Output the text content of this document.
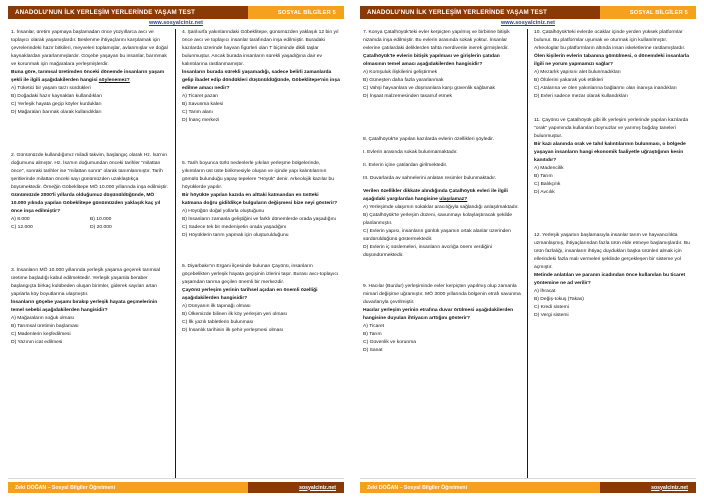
ANADOLU'NUN İLK YERLEŞİM YERLERİNDE YAŞAM TEST	SOSYAL BİLGİLER 5
www.sosyalciniz.net

1. İnsanlar, üretim yapmaya başlamadan önce yüzyıllarca avcı ve toplayıcı olarak yaşamışlardır. Beslenme ihtiyaçlarını karşılamak için çevrelerindeki hazır bitkileri, meyveleri toplamışlar, avlanmışlar ve doğal kaynaklardan yararlanmışlardır. Göçebe yaşayan bu insanlar, barınmak ve korunmak için mağaralara yerleşmişlerdir.

Buna göre, tarımsal üretimden önceki dönemde insanların yaşam şekli ile ilgili aşağıdakilerden hangisi söylenemez?

A) Tüketici bir yaşam tarzı sürdükleri
B) Doğadaki hazır kaynakları kullandıkları
C) Yerleşik hayata geçip köyler kurdukları
D) Mağaraları barınak olarak kullandıkları

2. Günümüzde kullandığımız miladi takvim, başlangıç olarak Hz. İsa'nın doğumunu almıştır. Hz. İsa'nın doğumundan önceki tarihler "milattan önce", sonraki tarihler ise "milattan sonra" olarak tanımlanmıştır. Tarih şeritlerinde milattan önceki sayı günümüzden uzaklaştıkça büyümektedir. Örneğin Göbeklitepe MÖ 10.000 yıllarında inşa edilmiştir.

Günümüzde 2000'li yıllarda olduğumuz düşünüldüğünde, MÖ 10.000 yılında yapılan Göbeklitepe günümüzden yaklaşık kaç yıl önce inşa edilmiştir?

A) 8.000	B) 10.000
C) 12.000	D) 20.000

3. İnsanların MÖ 10.000 yıllarında yerleşik yaşama geçerek tarımsal üretime başladığı kabul edilmektedir. Yerleşik yaşamla beraber başlangıçta birkaç kulübeden oluşan birimler, giderek sayıları artan yapılarla köy boyutlarına ulaşmıştır.

İnsanların göçebe yaşamı bırakıp yerleşik hayata geçmelerinin temel sebebi aşağıdakilerden hangisidir?

A) Mağaraların soğuk olması
B) Tarımsal üretimin başlaması
C) Madenlerin keşfedilmesi
D) Yazının icat edilmesi

4. Şanlıurfa yakınlarındaki Göbeklitepe, günümüzden yaklaşık 12 bin yıl önce avcı ve toplayıcı insanlar tarafından inşa edilmiştir. Buradaki kazılarda üzerinde hayvan figürleri olan T biçiminde dikili taşlar bulunmuştur. Ancak burada insanların sürekli yaşadığına dair ev kalıntılarına rastlanmamıştır.

İnsanların burada sürekli yaşamadığı, sadece belirli zamanlarda gelip ibadet edip döndükleri düşünüldüğünde, Göbeklitepe'nin inşa edilme amacı nedir?

A) Ticaret pazarı
B) Savunma kalesi
C) Tarım alanı
D) İnanç merkezi

5. Tarih boyunca türlü nedenlerle yıkılan yerleşme bölgelerinde, yıkıntıların üst üste birikmesiyle oluşan ve içinde yapı kalıntılarının gömülü bulunduğu yapay tepelere "Höyük" denir. Arkeolojik kazılar bu höyüklerde yapılır.

Bir höyükte yapılan kazıda en alttaki katmandan en üstteki katmana doğru gidildikçe bulguların değişmesi bize neyi gösterir?

A) Höyüğün doğal yollarla oluştuğunu
B) İnsanların zamanla geliştiğini ve farklı dönemlerde orada yaşadığını
C) Sadece tek bir medeniyetin orada yaşadığını
D) Höyüklerin tarım yapmak için oluşturulduğunu

6. Diyarbakır'ın Ergani ilçesinde bulunan Çayönü, insanların göçebelikten yerleşik hayata geçişinin izlerini taşır. Burası avcı-toplayıcı yaşamdan tarıma geçilen önemli bir merkezdir.

Çayönü yerleşim yerinin tarihsel açıdan en önemli özelliği aşağıdakilerden hangisidir?

A) Dünyanın ilk tapınağı olması
B) Ülkemizde bilinen ilk köy yerleşim yeri olması
C) İlk yazılı tabletlerin bulunması
D) İnsanlık tarihinin ilk şehir yerleşmesi olması
Zeki DOĞAN – Sosyal Bilgiler Öğretmeni	sosyalciniz.net
ANADOLU'NUN İLK YERLEŞİM YERLERİNDE YAŞAM TEST	SOSYAL BİLGİLER 5
www.sosyalciniz.net

7. Konya Çatalhöyük'teki evler kerpiçten yapılmış ve birbirine bitişik nizamda inşa edilmiştir. Bu evlerin arasında sokak yoktur. İnsanlar evlerine çatılardaki deliklerden tahta merdivenle inerek girmişlerdir.

Çatalhöyük'te evlerin bitişik yapılması ve girişlerin çatıdan olmasının temel amacı aşağıdakilerden hangisidir?

A) Komşuluk ilişkilerini geliştirmek
B) Güneşten daha fazla yararlanmak
C) Vahşi hayvanlara ve düşmanlara karşı güvenlik sağlamak
D) İnşaat malzemesinden tasarruf etmek

8. Çatalhöyük'te yapılan kazılarda evlerin özellikleri şöyledir.

I. Evlerin arasında sokak bulunmamaktadır.

II. Evlerin içine çatılardan girilmektedir.

III. Duvarlarda av sahnelerini anlatan resimler bulunmaktadır.

Verilen özellikler dikkate alındığında Çatalhöyük evleri ile ilgili aşağıdaki yargılardan hangisine ulaşılamaz?

A) Yerleşimde ulaşımın sokaklar aracılığıyla sağlandığı anlaşılmaktadır.
B) Çatalhöyük'te yerleşim düzeni, savunmayı kolaylaştıracak şekilde planlanmıştır.
C) Evlerin yapısı, insanların günlük yaşamın ortak alanlar üzerinden sürdürüldüğünü göstermektedir.
D) Evlerin iç süslemeleri, insanların avcılığa önem verdiğini düşündürmektedir.

9. Hacılar (Burdur) yerleşiminde evler kerpiçten yapılmış olup zamanla mimari değişime uğramıştır. MÖ 3000 yıllarında bölgenin etrafı savunma duvarlarıyla çevrilmiştir.

Hacılar yerleşim yerinin etrafına duvar örülmesi aşağıdakilerden hangisine duyulan ihtiyacın arttığını gösterir?

A) Ticaret
B) Tarım
C) Güvenlik ve korunma
D) Sanat

10. Çatalhöyük'teki evlerde ocaklar içinde yerden yüksek platformlar bulunur. Bu platformlar uyumak ve oturmak için kullanılmıştır. Arkeologlar bu platformların altında insan iskeletlerine rastlamışlardır.

Ölen kişilerin evlerin tabanına gömülmesi, o dönemdeki insanlarla ilgili ne yorum yapmamızı sağlar?

A) Mezarlık yapısını alet bulunmadıkları
B) Ölülerini yakarak yok ettikleri
C) Atalarına ve ölen yakınlarına bağlanmı olan inanışa inandıkları
D) Evleri sadece mezar olarak kullandıkları

11. Çayönü ve Çatalhöyük gibi ilk yerleşim yerlerinde yapılan kazılarda "orak" yapımında kullanılan boynuzlar ve yarımış buğday taneleri bulunmuştur.

Bir kazı alanında orak ve tahıl kalıntılarının bulunması, o bölgede yaşayan insanların hangi ekonomik faaliyetle uğraştığının kesin kanıtıdır?

A) Madencilik
B) Tarım
C) Balıkçılık
D) Avcılık

12. Yerleşik yaşamın başlamasıyla insanlar tarım ve hayvancılıkta uzmanlaşmış, ihtiyaçlarından fazla ürün elde etmeye başlamışlardır. Bu ürün fazlalığı, insanların ihtiyaç duydukları başka ürünleri almak için ellerindeki fazla malı vermeleri şeklinde gerçekleşen bir sisteme yol açmıştır.

Metinde anlatılan ve paranın icadından önce kullanılan bu ticaret yöntemine ne ad verilir?

A) İhracat
B) Değiş-tokuş (Takas)
C) Kredi sistemi
D) Vergi sistemi
Zeki DOĞAN – Sosyal Bilgiler Öğretmeni	sosyalciniz.net
